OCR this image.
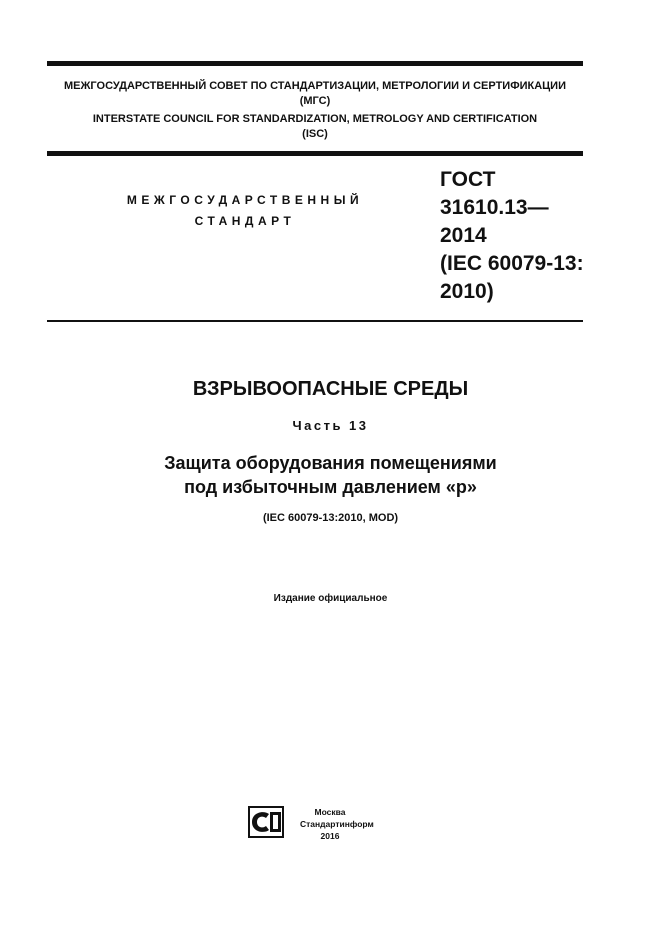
МЕЖГОСУДАРСТВЕННЫЙ СОВЕТ ПО СТАНДАРТИЗАЦИИ, МЕТРОЛОГИИ И СЕРТИФИКАЦИИ
(МГС)
INTERSTATE COUNCIL FOR STANDARDIZATION, METROLOGY AND CERTIFICATION
(ISC)
МЕЖГОСУДАРСТВЕННЫЙ
СТАНДАРТ
ГОСТ
31610.13—
2014
(IEC 60079-13:
2010)
ВЗРЫВООПАСНЫЕ СРЕДЫ
Часть 13
Защита оборудования помещениями
под избыточным давлением «р»
(IEC 60079-13:2010, MOD)
Издание официальное
Москва
Стандартинформ
2016
